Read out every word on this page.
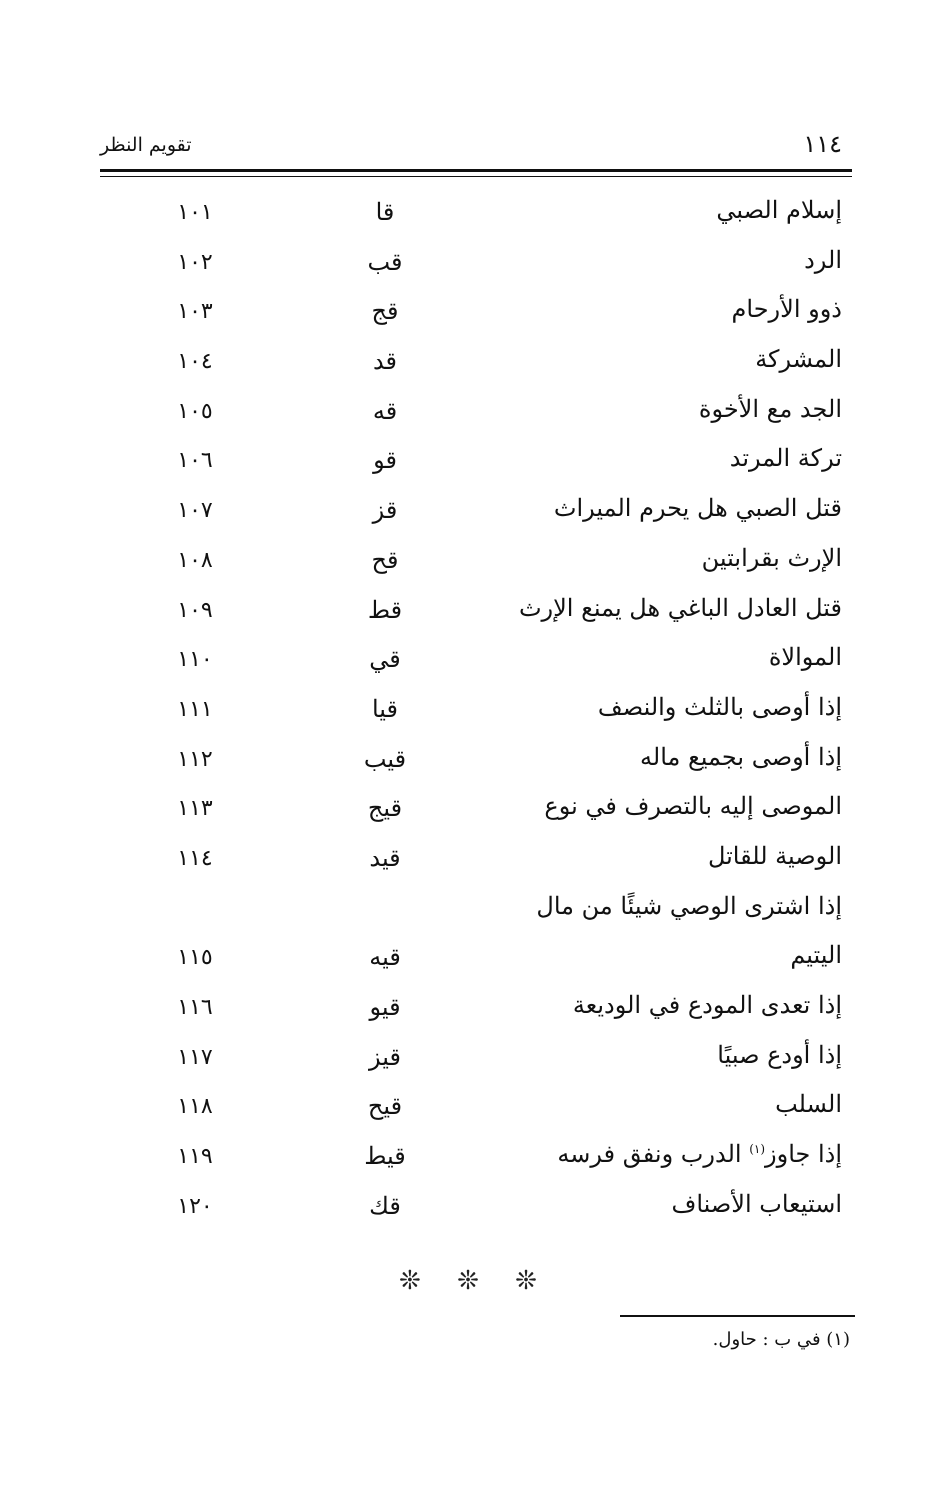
تقويم النظر	١١٤
إسلام الصبي
قا
١٠١
الرد
قب
١٠٢
ذوو الأرحام
قج
١٠٣
المشركة
قد
١٠٤
الجد مع الأخوة
قه
١٠٥
تركة المرتد
قو
١٠٦
قتل الصبي هل يحرم الميراث
قز
١٠٧
الإرث بقرابتين
قح
١٠٨
قتل العادل الباغي هل يمنع الإرث
قط
١٠٩
الموالاة
قي
١١٠
إذا أوصى بالثلث والنصف
قيا
١١١
إذا أوصى بجميع ماله
قيب
١١٢
الموصى إليه بالتصرف في نوع
قيج
١١٣
الوصية للقاتل
قيد
١١٤
إذا اشترى الوصي شيئًا من مال
اليتيم
قيه
١١٥
إذا تعدى المودع في الوديعة
قيو
١١٦
إذا أودع صبيًا
قيز
١١٧
السلب
قيح
١١٨
إذا جاوز$^{(١)}$ الدرب ونفق فرسه
قيط
١١٩
استيعاب الأصناف
قك
١٢٠
❊ ❊ ❊
(١) في ب : حاول.
